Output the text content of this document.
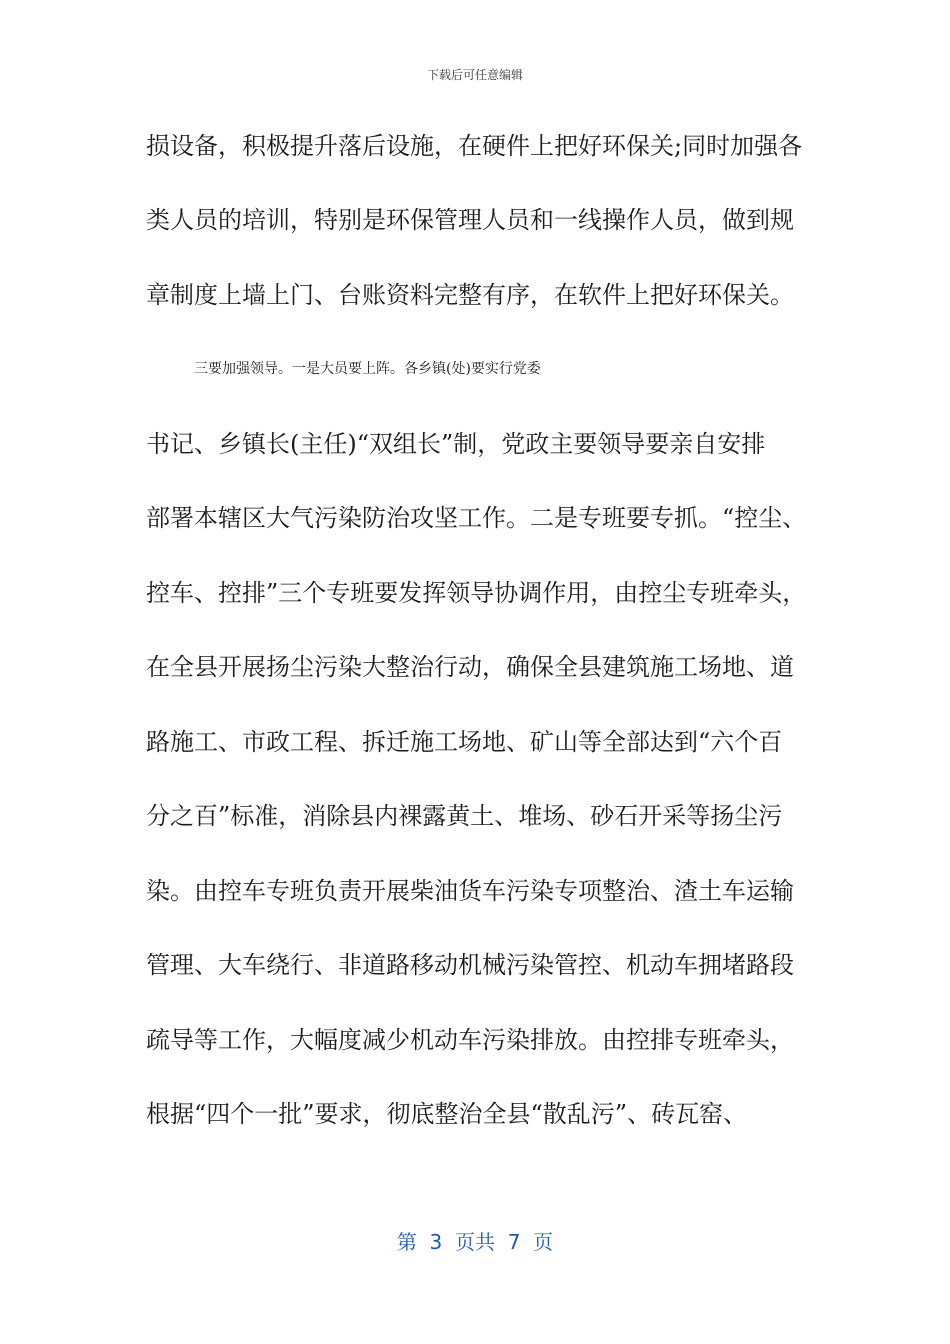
下载后可任意编辑
损设备，积极提升落后设施，在硬件上把好环保关;同时加强各
类人员的培训，特别是环保管理人员和一线操作人员，做到规
章制度上墙上门、台账资料完整有序，在软件上把好环保关。
三要加强领导。一是大员要上阵。各乡镇(处)要实行党委
书记、乡镇长(主任)“双组长”制，党政主要领导要亲自安排
部署本辖区大气污染防治攻坚工作。二是专班要专抓。“控尘、
控车、控排”三个专班要发挥领导协调作用，由控尘专班牵头，
在全县开展扬尘污染大整治行动，确保全县建筑施工场地、道
路施工、市政工程、拆迁施工场地、矿山等全部达到“六个百
分之百”标准，消除县内裸露黄土、堆场、砂石开采等扬尘污
染。由控车专班负责开展柴油货车污染专项整治、渣土车运输
管理、大车绕行、非道路移动机械污染管控、机动车拥堵路段
疏导等工作，大幅度减少机动车污染排放。由控排专班牵头，
根据“四个一批”要求，彻底整治全县“散乱污”、砖瓦窑、
第  3  页共  7  页
